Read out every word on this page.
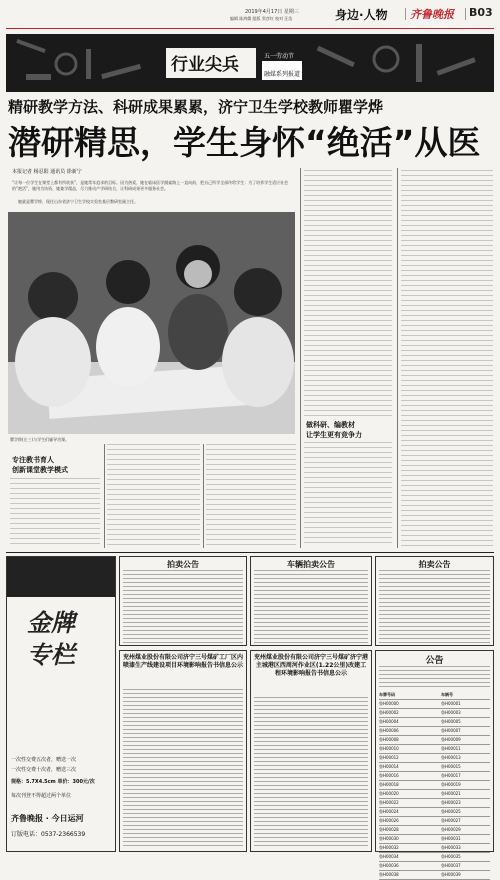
2019年4月17日 星期三
编辑 陈鸿儒 组版 窦彦红 校对 汪浩	身边·人物 齐鲁晚报 B03
行业尖兵	五一劳动节
融媒系列报道
精研教学方法、科研成果累累，济宁卫生学校教师瞿学烨
潜研精思，学生身怀“绝活”从医
本报记者 杨忍阳 通讯员 徐新宁
“让每一位学生在课堂上都有所收获”，是她常年追求的目标。因为热爱，她在临床医学摸索路上一直向前，把自己所学全部传给学生；为了培养学生适应社会的“绝活”，她用为坊资、她兼学精品，尽力推动产学研结合，让科研成果更多服务社会。
她就是瞿学烨，现任山东省济宁卫生学校实验室基层教研室副主任。
瞿学烨(左三)与学生们辅导功课。
做科研、编教材
让学生更有竞争力
专注教书育人
创新课堂教学模式
金牌专栏
一次性交费五次者，赠送一次
一次性交费十次者，赠送三次
规格：5.7X4.5cm 单价：300元/次
每次刊登不得超过两个单位
齐鲁晚报 · 今日运河
订版电话：0537-2366539
拍卖公告	车辆拍卖公告	拍卖公告
兖州煤业股份有限公司济宁三号煤矿工厂区内喷漆生产线建设项目环境影响报告书信息公示
兖州煤业股份有限公司济宁三号煤矿济宁港主城港区西周河作业区(1.22公里)改建工程环境影响报告书信息公示
公告
车牌号码	车辆号
鲁H00000	鲁H00001
鲁H00002	鲁H00003
鲁H00004	鲁H00005
鲁H00006	鲁H00007
鲁H00008	鲁H00009
鲁H00010	鲁H00011
鲁H00012	鲁H00013
鲁H00014	鲁H00015
鲁H00016	鲁H00017
鲁H00018	鲁H00019
鲁H00020	鲁H00021
鲁H00022	鲁H00023
鲁H00024	鲁H00025
鲁H00026	鲁H00027
鲁H00028	鲁H00029
鲁H00030	鲁H00031
鲁H00032	鲁H00033
鲁H00034	鲁H00035
鲁H00036	鲁H00037
鲁H00038	鲁H00039
